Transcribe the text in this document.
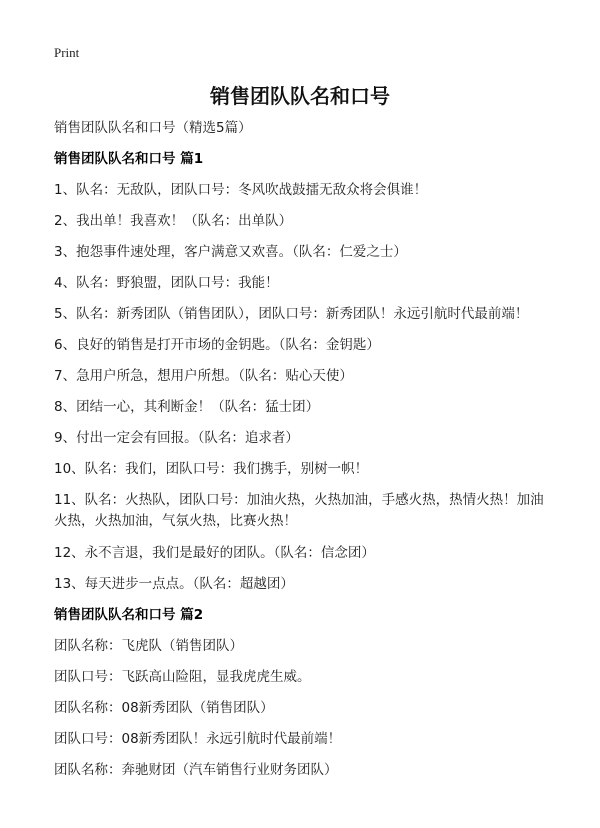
Print
销售团队队名和口号
销售团队队名和口号（精选5篇）
销售团队队名和口号 篇1
1、队名：无敌队，团队口号：冬风吹战鼓擂无敌众将会俱谁！
2、我出单！我喜欢！（队名：出单队）
3、抱怨事件速处理，客户满意又欢喜。（队名：仁爱之士）
4、队名：野狼盟，团队口号：我能！
5、队名：新秀团队（销售团队），团队口号：新秀团队！永远引航时代最前端！
6、良好的销售是打开市场的金钥匙。（队名：金钥匙）
7、急用户所急，想用户所想。（队名：贴心天使）
8、团结一心，其利断金！（队名：猛士团）
9、付出一定会有回报。（队名：追求者）
10、队名：我们，团队口号：我们携手，别树一帜！
11、队名：火热队，团队口号：加油火热，火热加油，手感火热，热情火热！加油火热，火热加油，气氛火热，比赛火热！
12、永不言退，我们是最好的团队。（队名：信念团）
13、每天进步一点点。（队名：超越团）
销售团队队名和口号 篇2
团队名称：飞虎队（销售团队）
团队口号：飞跃高山险阻，显我虎虎生威。
团队名称：08新秀团队（销售团队）
团队口号：08新秀团队！永远引航时代最前端！
团队名称：奔驰财团（汽车销售行业财务团队）
